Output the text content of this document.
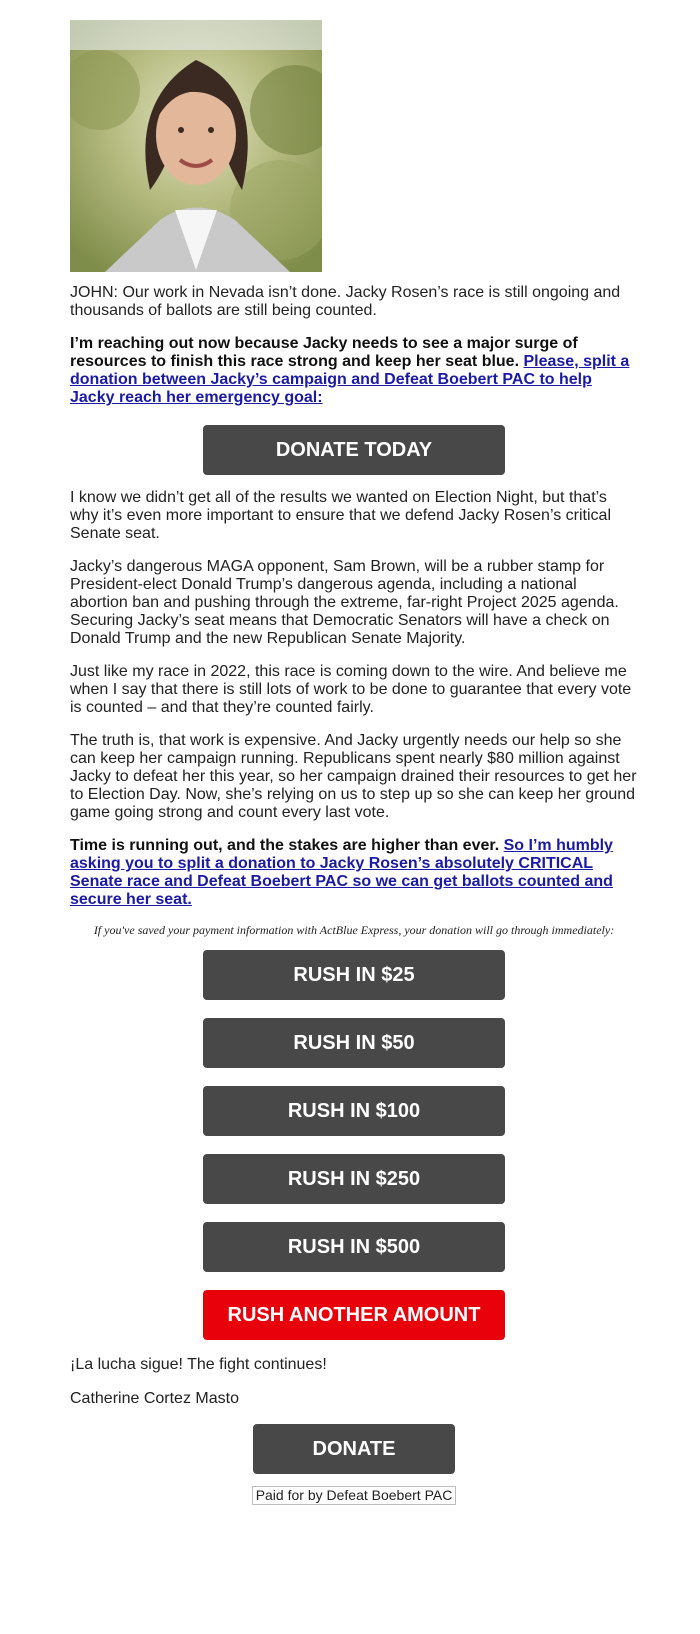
JOHN: Our work in Nevada isn’t done. Jacky Rosen’s race is still ongoing and thousands of ballots are still being counted.

I’m reaching out now because Jacky needs to see a major surge of resources to finish this race strong and keep her seat blue. Please, split a donation between Jacky’s campaign and Defeat Boebert PAC to help Jacky reach her emergency goal:

DONATE TODAY

I know we didn’t get all of the results we wanted on Election Night, but that’s why it’s even more important to ensure that we defend Jacky Rosen’s critical Senate seat.

Jacky’s dangerous MAGA opponent, Sam Brown, will be a rubber stamp for President-elect Donald Trump’s dangerous agenda, including a national abortion ban and pushing through the extreme, far-right Project 2025 agenda. Securing Jacky’s seat means that Democratic Senators will have a check on Donald Trump and the new Republican Senate Majority.

Just like my race in 2022, this race is coming down to the wire. And believe me when I say that there is still lots of work to be done to guarantee that every vote is counted – and that they’re counted fairly.

The truth is, that work is expensive. And Jacky urgently needs our help so she can keep her campaign running. Republicans spent nearly $80 million against Jacky to defeat her this year, so her campaign drained their resources to get her to Election Day. Now, she’s relying on us to step up so she can keep her ground game going strong and count every last vote.

Time is running out, and the stakes are higher than ever. So I’m humbly asking you to split a donation to Jacky Rosen’s absolutely CRITICAL Senate race and Defeat Boebert PAC so we can get ballots counted and secure her seat.

If you've saved your payment information with ActBlue Express, your donation will go through immediately:

RUSH IN $25
RUSH IN $50
RUSH IN $100
RUSH IN $250
RUSH IN $500
RUSH ANOTHER AMOUNT

¡La lucha sigue! The fight continues!

Catherine Cortez Masto

DONATE
Paid for by Defeat Boebert PAC
